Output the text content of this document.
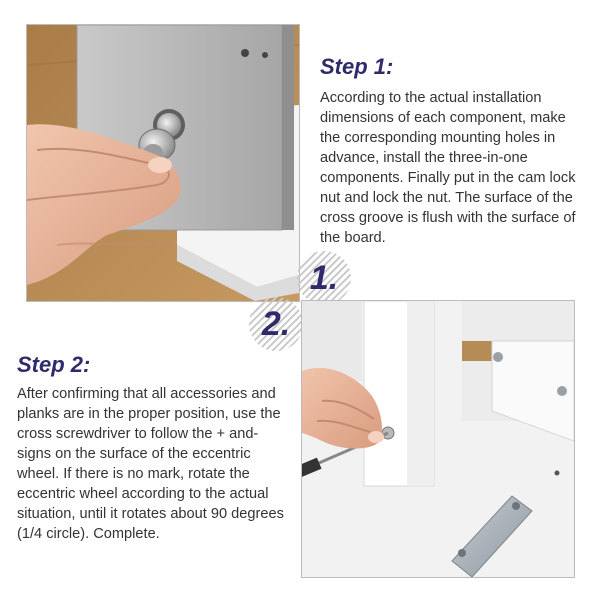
1.
2.
Step 1:

According to the actual installation dimensions of each component, make the corresponding mounting holes in advance, install the three-in-one components. Finally put in the cam lock nut and lock the nut. The surface of the cross groove is flush with the surface of the board.

Step 2:

After confirming that all accessories and planks are in the proper position, use the cross screwdriver to follow the + and-signs on the surface of the eccentric wheel. If there is no mark, rotate the eccentric wheel according to the actual situation, until it rotates about 90 degrees (1/4 circle). Complete.
